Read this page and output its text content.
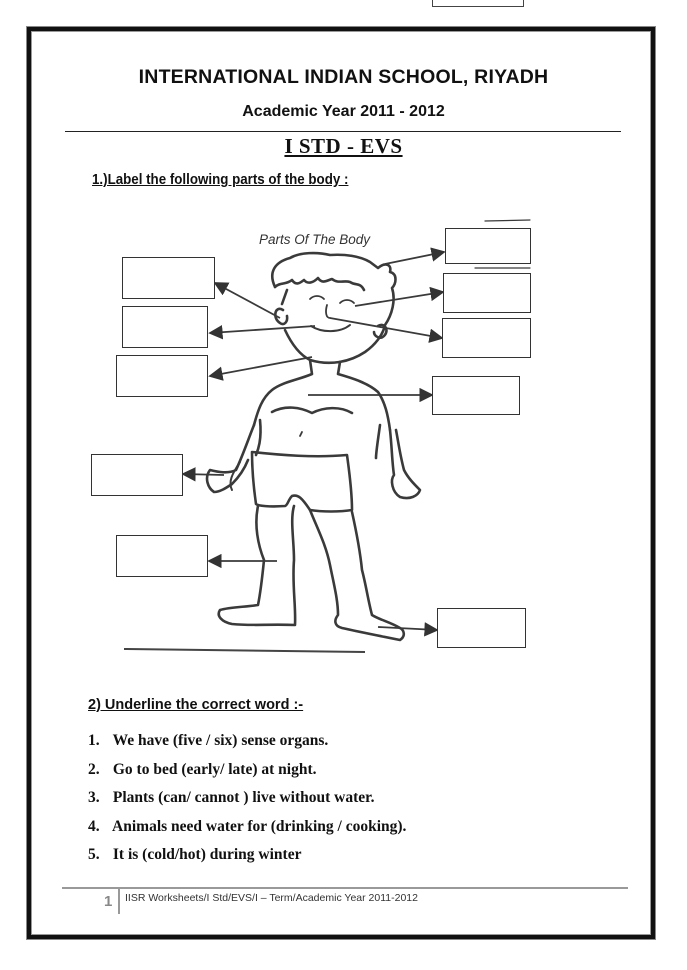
INTERNATIONAL INDIAN SCHOOL, RIYADH
Academic Year 2011 - 2012
I STD - EVS
1.)Label the following parts of the body :
Parts Of The Body
2) Underline the correct word :-
1. We have (five / six) sense organs.
2. Go to bed (early/ late) at night.
3. Plants (can/ cannot ) live without water.
4. Animals need water for (drinking / cooking).
5. It is (cold/hot) during winter
1 IISR Worksheets/I Std/EVS/I – Term/Academic Year 2011-2012
